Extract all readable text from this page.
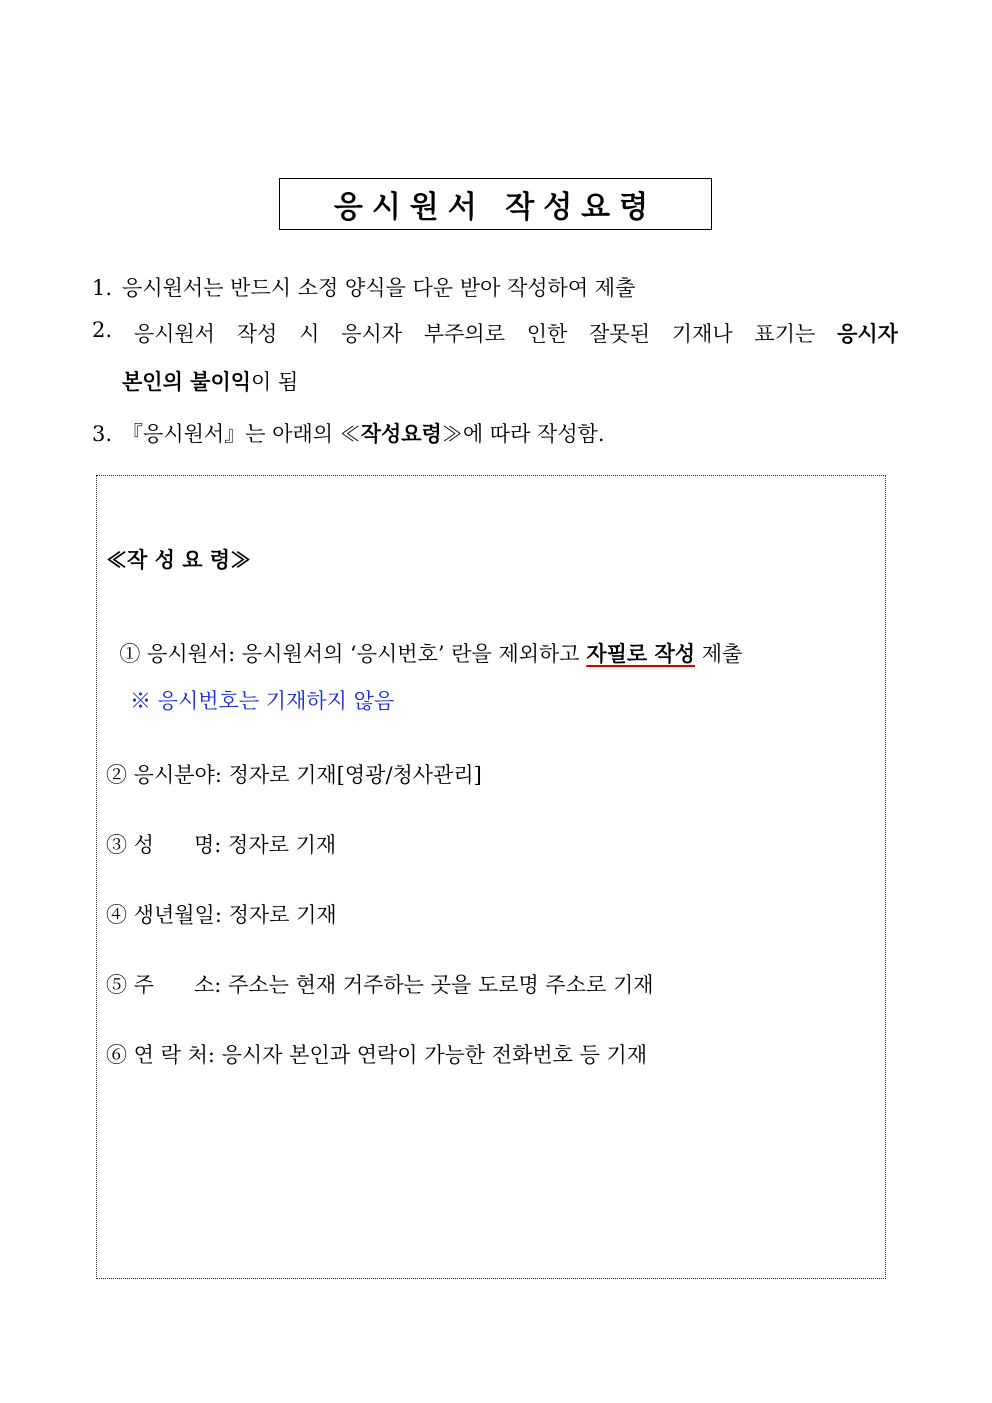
응시원서 작성요령
1. 응시원서는 반드시 소정 양식을 다운 받아 작성하여 제출
2. 응시원서 작성 시 응시자 부주의로 인한 잘못된 기재나 표기는 응시자
본인의 불이익이 됨
3. 『응시원서』는 아래의 ≪작성요령≫에 따라 작성함.
≪작 성 요 령≫

① 응시원서: 응시원서의 ‘응시번호’ 란을 제외하고 자필로 작성 제출

※ 응시번호는 기재하지 않음
② 응시분야: 정자로 기재[영광/청사관리]
③ 성      명: 정자로 기재
④ 생년월일: 정자로 기재
⑤ 주      소: 주소는 현재 거주하는 곳을 도로명 주소로 기재
⑥ 연 락 처: 응시자 본인과 연락이 가능한 전화번호 등 기재
